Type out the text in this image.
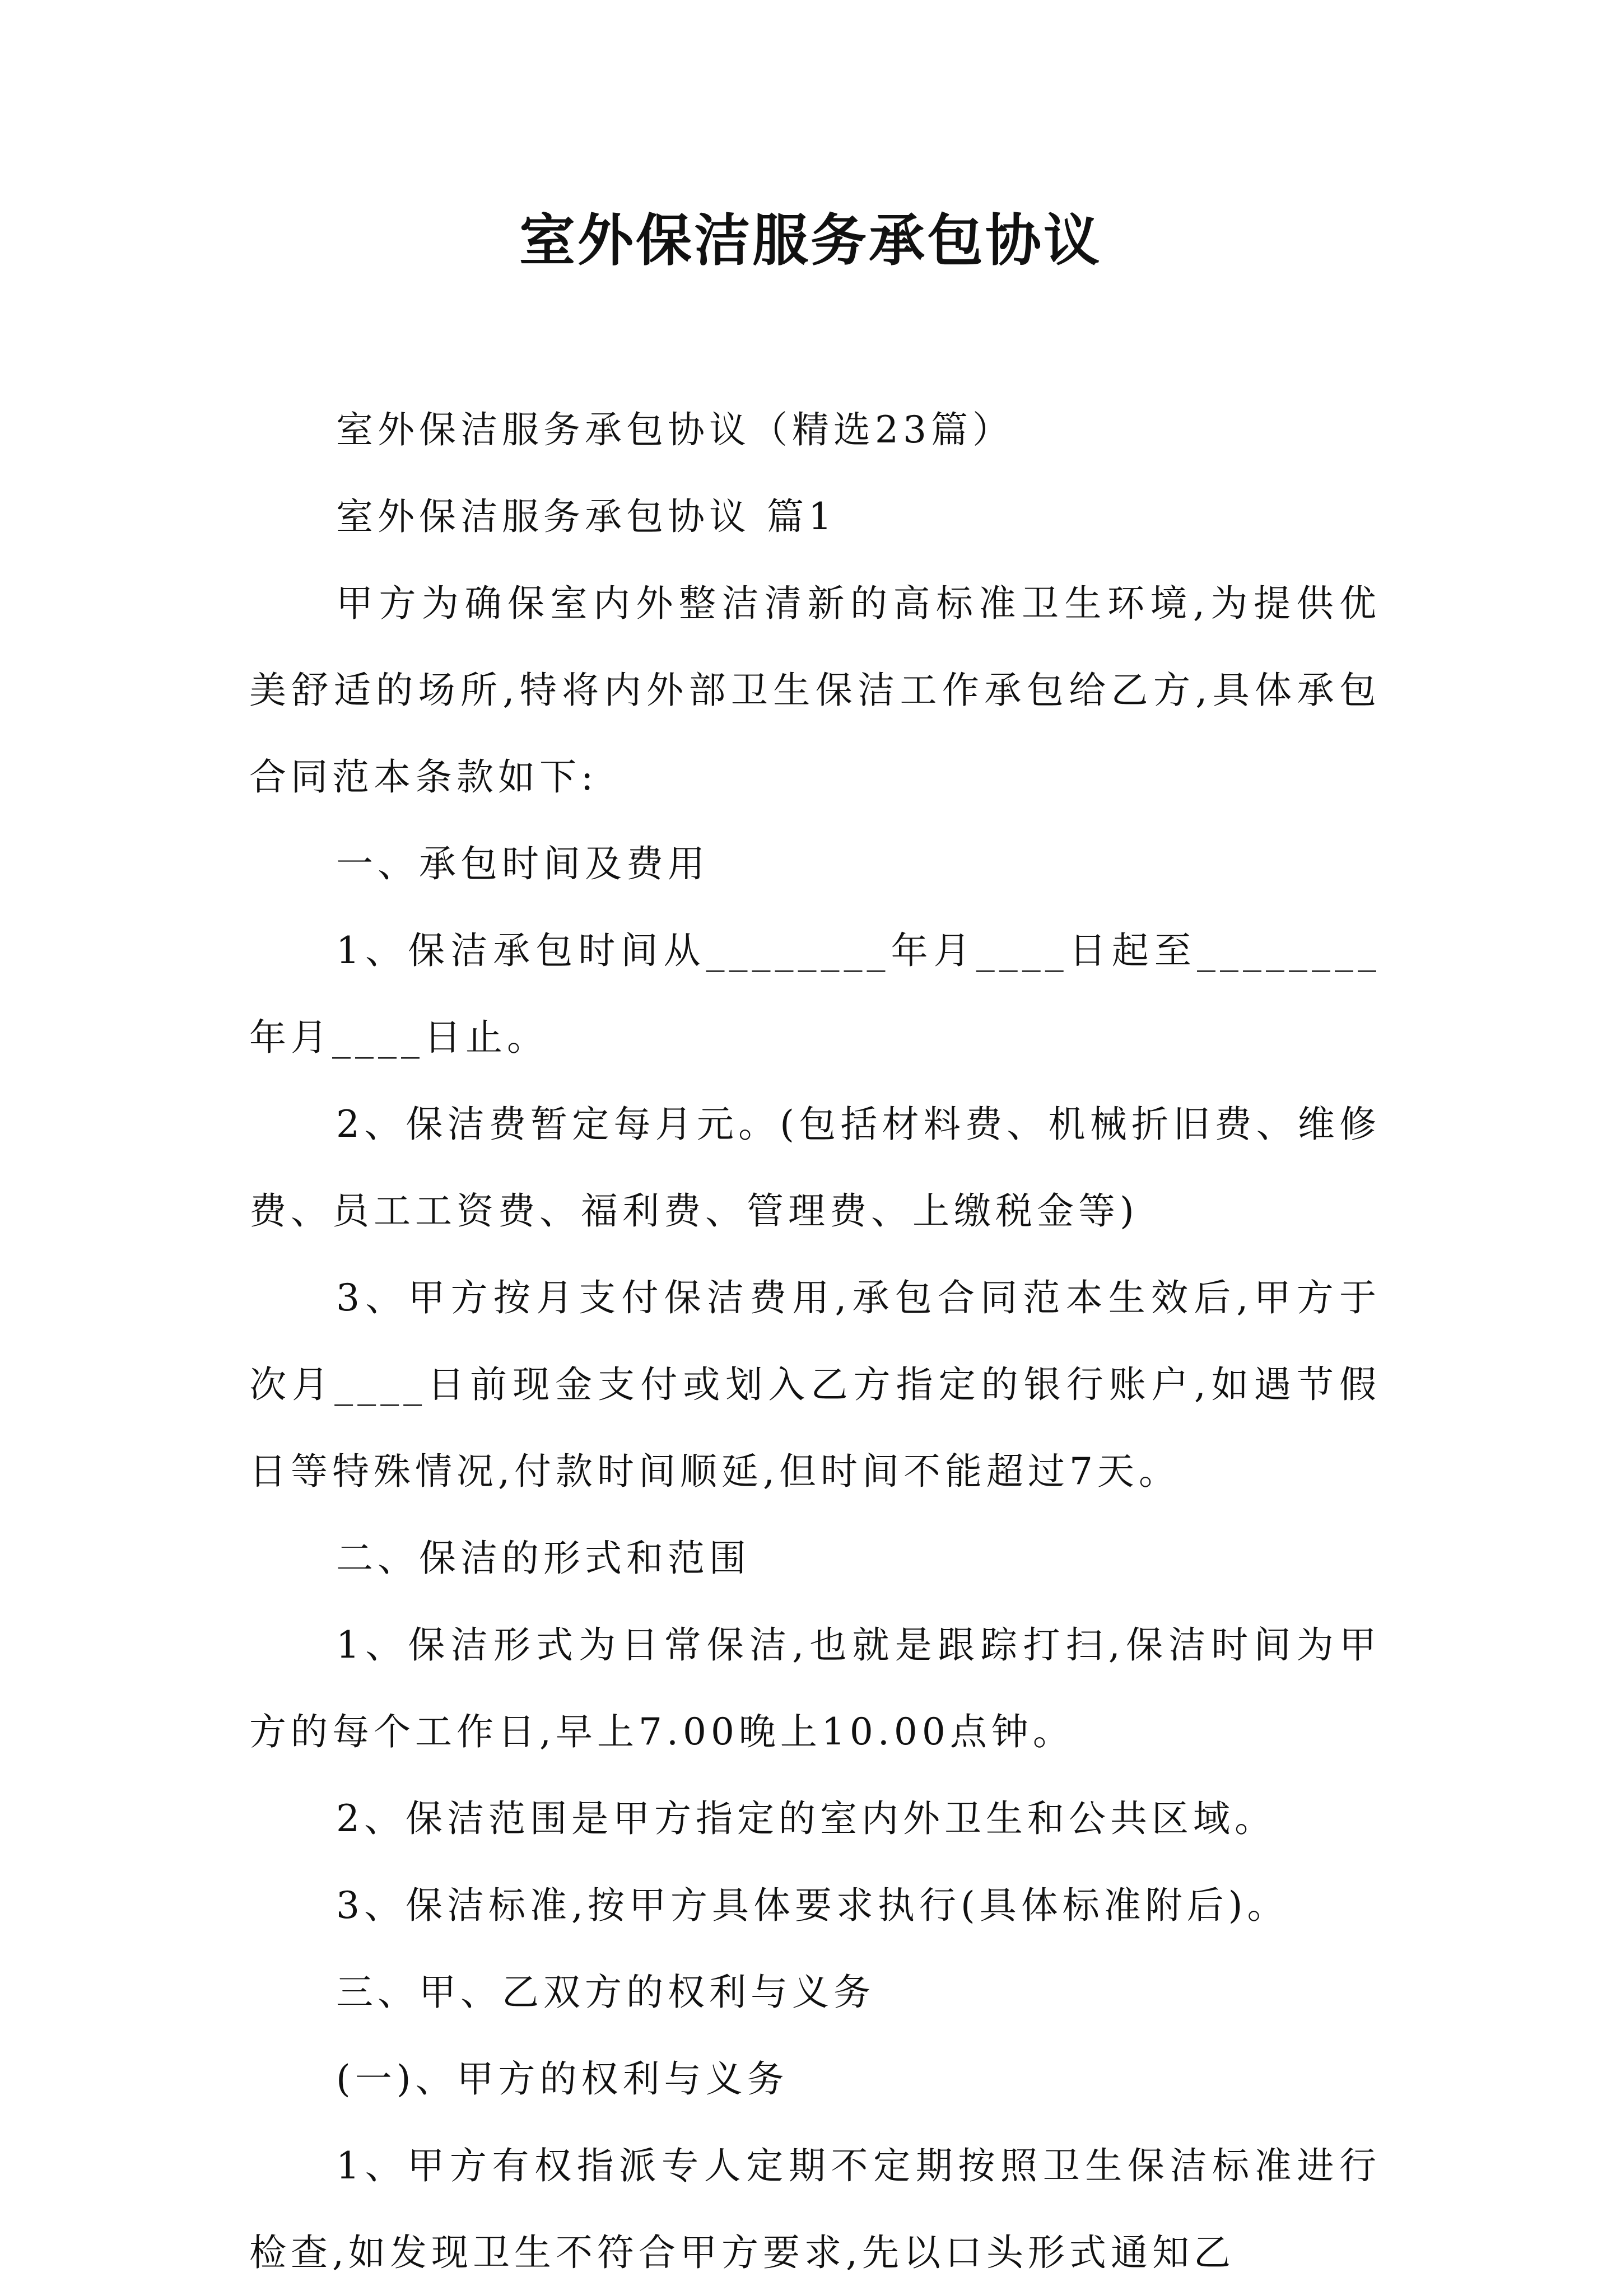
室外保洁服务承包协议

室外保洁服务承包协议（精选23篇）

室外保洁服务承包协议 篇1

甲方为确保室内外整洁清新的高标准卫生环境,为提供优美舒适的场所,特将内外部卫生保洁工作承包给乙方,具体承包合同范本条款如下:

一、承包时间及费用

1、保洁承包时间从________年月____日起至________年月____日止。

2、保洁费暂定每月元。(包括材料费、机械折旧费、维修费、员工工资费、福利费、管理费、上缴税金等)

3、甲方按月支付保洁费用,承包合同范本生效后,甲方于次月____日前现金支付或划入乙方指定的银行账户,如遇节假日等特殊情况,付款时间顺延,但时间不能超过7天。

二、保洁的形式和范围

1、保洁形式为日常保洁,也就是跟踪打扫,保洁时间为甲方的每个工作日,早上7.00晚上10.00点钟。

2、保洁范围是甲方指定的室内外卫生和公共区域。

3、保洁标准,按甲方具体要求执行(具体标准附后)。

三、甲、乙双方的权利与义务

(一)、甲方的权利与义务

1、甲方有权指派专人定期不定期按照卫生保洁标准进行检查,如发现卫生不符合甲方要求,先以口头形式通知乙
